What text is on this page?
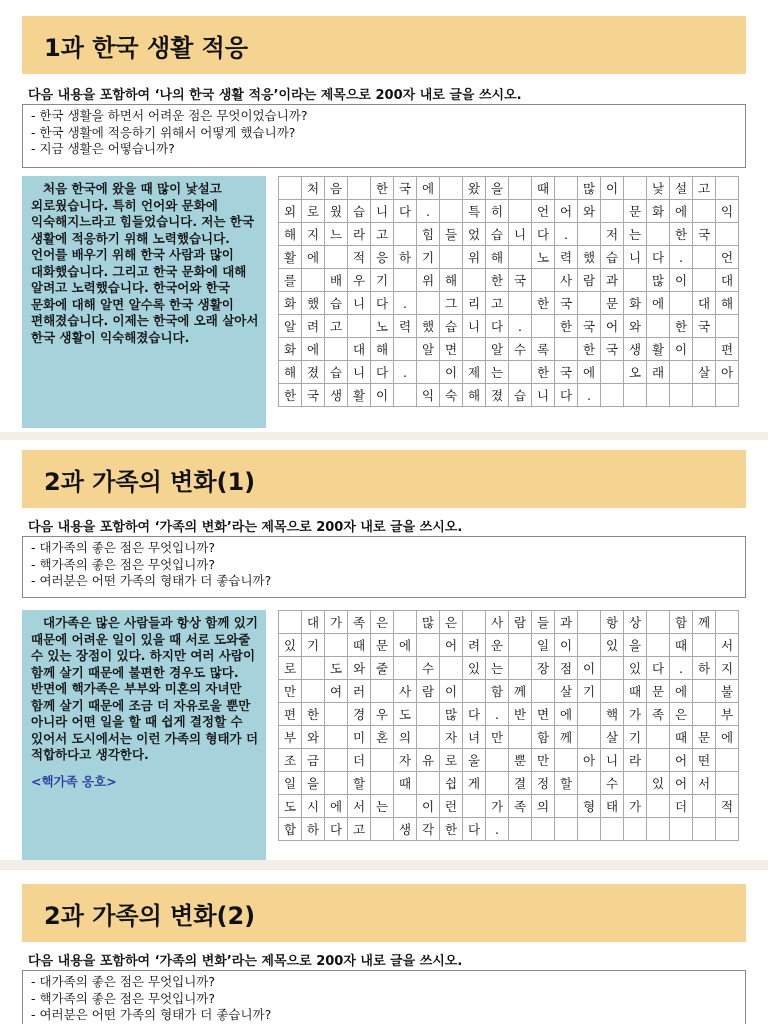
1과 한국 생활 적응
다음 내용을 포함하여 ‘나의 한국 생활 적응’이라는 제목으로 200자 내로 글을 쓰시오.
- 한국 생활을 하면서 어려운 점은 무엇이었습니까?
- 한국 생활에 적응하기 위해서 어떻게 했습니까?
- 지금 생활은 어떻습니까?

처음 한국에 왔을 때 많이 낯설고 외로웠습니다. 특히 언어와 문화에 익숙해지느라고 힘들었습니다. 저는 한국 생활에 적응하기 위해 노력했습니다. 언어를 배우기 위해 한국 사람과 많이 대화했습니다. 그리고 한국 문화에 대해 알려고 노력했습니다. 한국어와 한국 문화에 대해 알면 알수록 한국 생활이 편해졌습니다. 이제는 한국에 오래 살아서 한국 생활이 익숙해졌습니다.

	처	음		한	국	에		왔	을		때		많	이		낯	설	고	
외	로	웠	습	니	다	.		특	히		언	어	와		문	화	에		익
해	지	느	라	고		힘	들	었	습	니	다	.		저	는		한	국	
활	에		적	응	하	기		위	해		노	력	했	습	니	다	.		언
를		배	우	기		위	해		한	국		사	람	과		많	이		대
화	했	습	니	다	.		그	리	고		한	국		문	화	에		대	해
알	려	고		노	력	했	습	니	다	.		한	국	어	와		한	국	
화	에		대	해		알	면		알	수	록		한	국	생	활	이		편
해	졌	습	니	다	.		이	제	는		한	국	에		오	래		살	아
한	국	생	활	이		익	숙	해	졌	습	니	다	.						
2과 가족의 변화(1)
다음 내용을 포함하여 ‘가족의 변화’라는 제목으로 200자 내로 글을 쓰시오.
- 대가족의 좋은 점은 무엇입니까?
- 핵가족의 좋은 점은 무엇입니까?
- 여러분은 어떤 가족의 형태가 더 좋습니까?

대가족은 많은 사람들과 항상 함께 있기 때문에 어려운 일이 있을 때 서로 도와줄 수 있는 장점이 있다. 하지만 여러 사람이 함께 살기 때문에 불편한 경우도 많다. 반면에 핵가족은 부부와 미혼의 자녀만 함께 살기 때문에 조금 더 자유로울 뿐만 아니라 어떤 일을 할 때 쉽게 결정할 수 있어서 도시에서는 이런 가족의 형태가 더 적합하다고 생각한다.

<핵가족 옹호>
	대	가	족	은		많	은		사	람	들	과		항	상		함	께	
있	기		때	문	에		어	려	운		일	이		있	을		때		서
로		도	와	줄		수		있	는		장	점	이		있	다	.	하	지
만		여	러		사	람	이		함	께		살	기		때	문	에		불
편	한		경	우	도		많	다	.	반	면	에		핵	가	족	은		부
부	와		미	혼	의		자	녀	만		함	께		살	기		때	문	에
조	금		더		자	유	로	울		뿐	만		아	니	라		어	떤	
일	을		할		때		쉽	게		결	정	할		수		있	어	서	
도	시	에	서	는		이	런		가	족	의		형	태	가		더		적
합	하	다	고		생	각	한	다	.										
2과 가족의 변화(2)
다음 내용을 포함하여 ‘가족의 변화’라는 제목으로 200자 내로 글을 쓰시오.
- 대가족의 좋은 점은 무엇입니까?
- 핵가족의 좋은 점은 무엇입니까?
- 여러분은 어떤 가족의 형태가 더 좋습니까?
